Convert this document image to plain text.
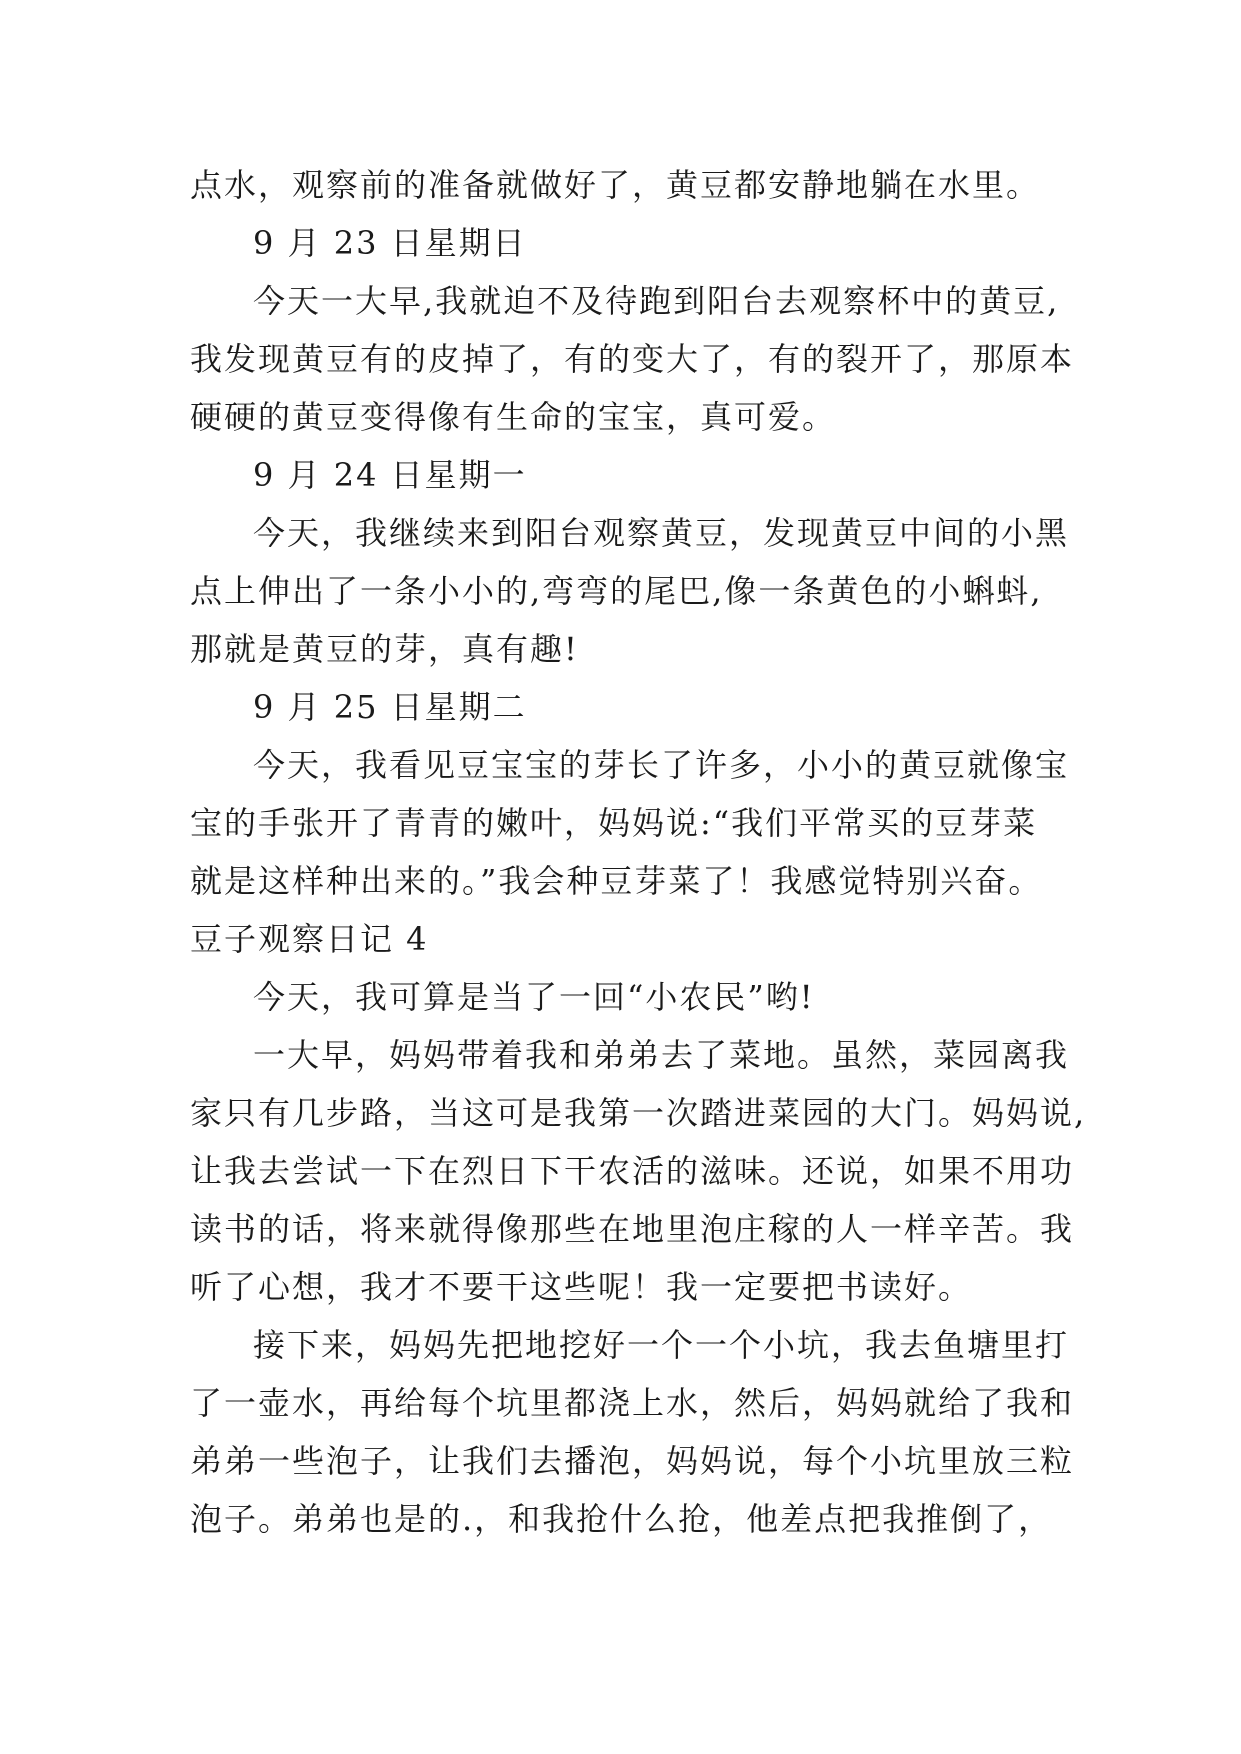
点水，观察前的准备就做好了，黄豆都安静地躺在水里。
9 月 23 日星期日
今天一大早,我就迫不及待跑到阳台去观察杯中的黄豆,
我发现黄豆有的皮掉了，有的变大了，有的裂开了，那原本
硬硬的黄豆变得像有生命的宝宝，真可爱。
9 月 24 日星期一
今天，我继续来到阳台观察黄豆，发现黄豆中间的小黑
点上伸出了一条小小的,弯弯的尾巴,像一条黄色的小蝌蚪,
那就是黄豆的芽，真有趣!
9 月 25 日星期二
今天，我看见豆宝宝的芽长了许多，小小的黄豆就像宝
宝的手张开了青青的嫩叶，妈妈说:“我们平常买的豆芽菜
就是这样种出来的。”我会种豆芽菜了！我感觉特别兴奋。
豆子观察日记 4
今天，我可算是当了一回“小农民”哟!
一大早，妈妈带着我和弟弟去了菜地。虽然，菜园离我
家只有几步路，当这可是我第一次踏进菜园的大门。妈妈说,
让我去尝试一下在烈日下干农活的滋味。还说，如果不用功
读书的话，将来就得像那些在地里泡庄稼的人一样辛苦。我
听了心想，我才不要干这些呢！我一定要把书读好。
接下来，妈妈先把地挖好一个一个小坑，我去鱼塘里打
了一壶水，再给每个坑里都浇上水，然后，妈妈就给了我和
弟弟一些泡子，让我们去播泡，妈妈说，每个小坑里放三粒
泡子。弟弟也是的.，和我抢什么抢，他差点把我推倒了，
